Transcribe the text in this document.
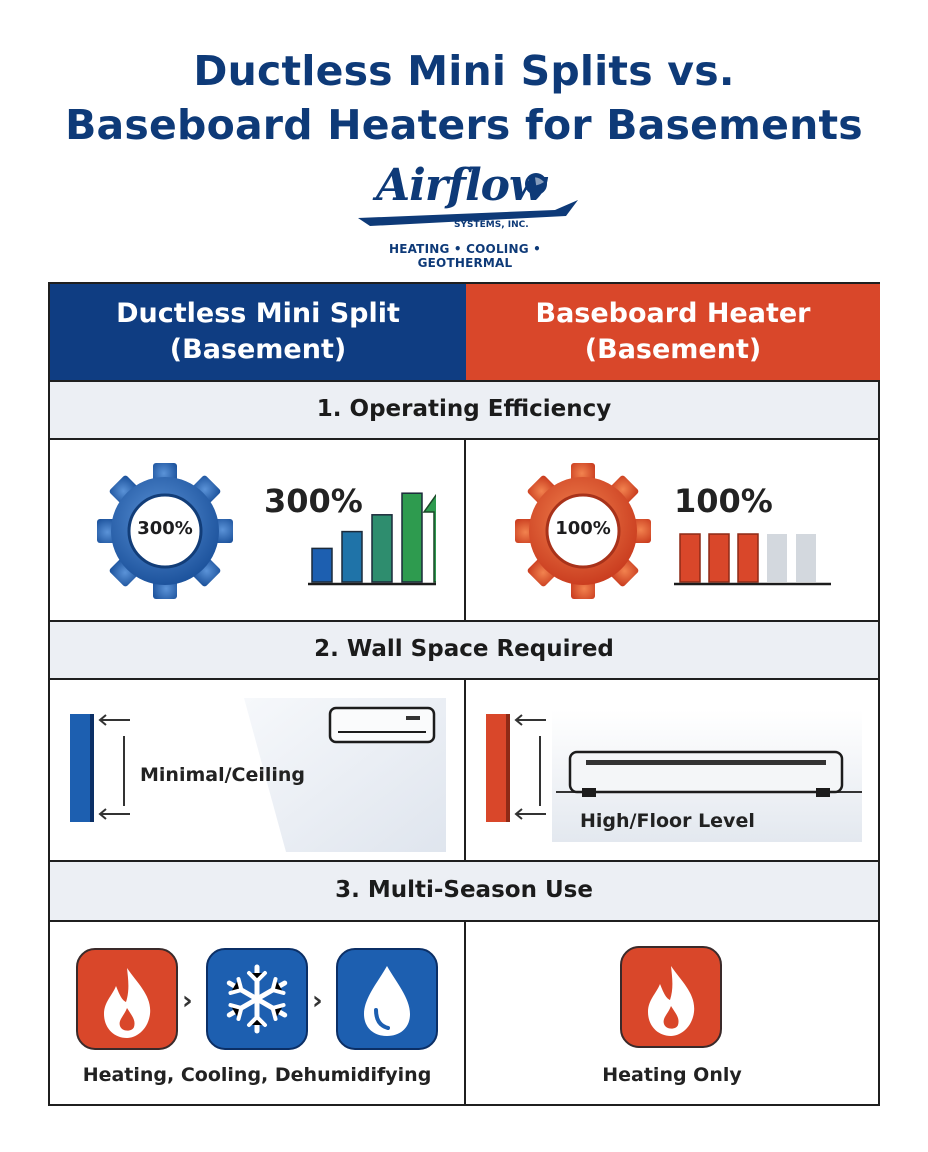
Ductless Mini Splits vs.
Baseboard Heaters for Basements
Airflow
SYSTEMS, INC.
HEATING • COOLING • GEOTHERMAL
Ductless Mini Split
(Basement)
Baseboard Heater
(Basement)
1. Operating Efficiency
300%
300%
100%
100%
2. Wall Space Required
Minimal/Ceiling
High/Floor Level
3. Multi-Season Use
›	›
Heating, Cooling, Dehumidifying	Heating Only
